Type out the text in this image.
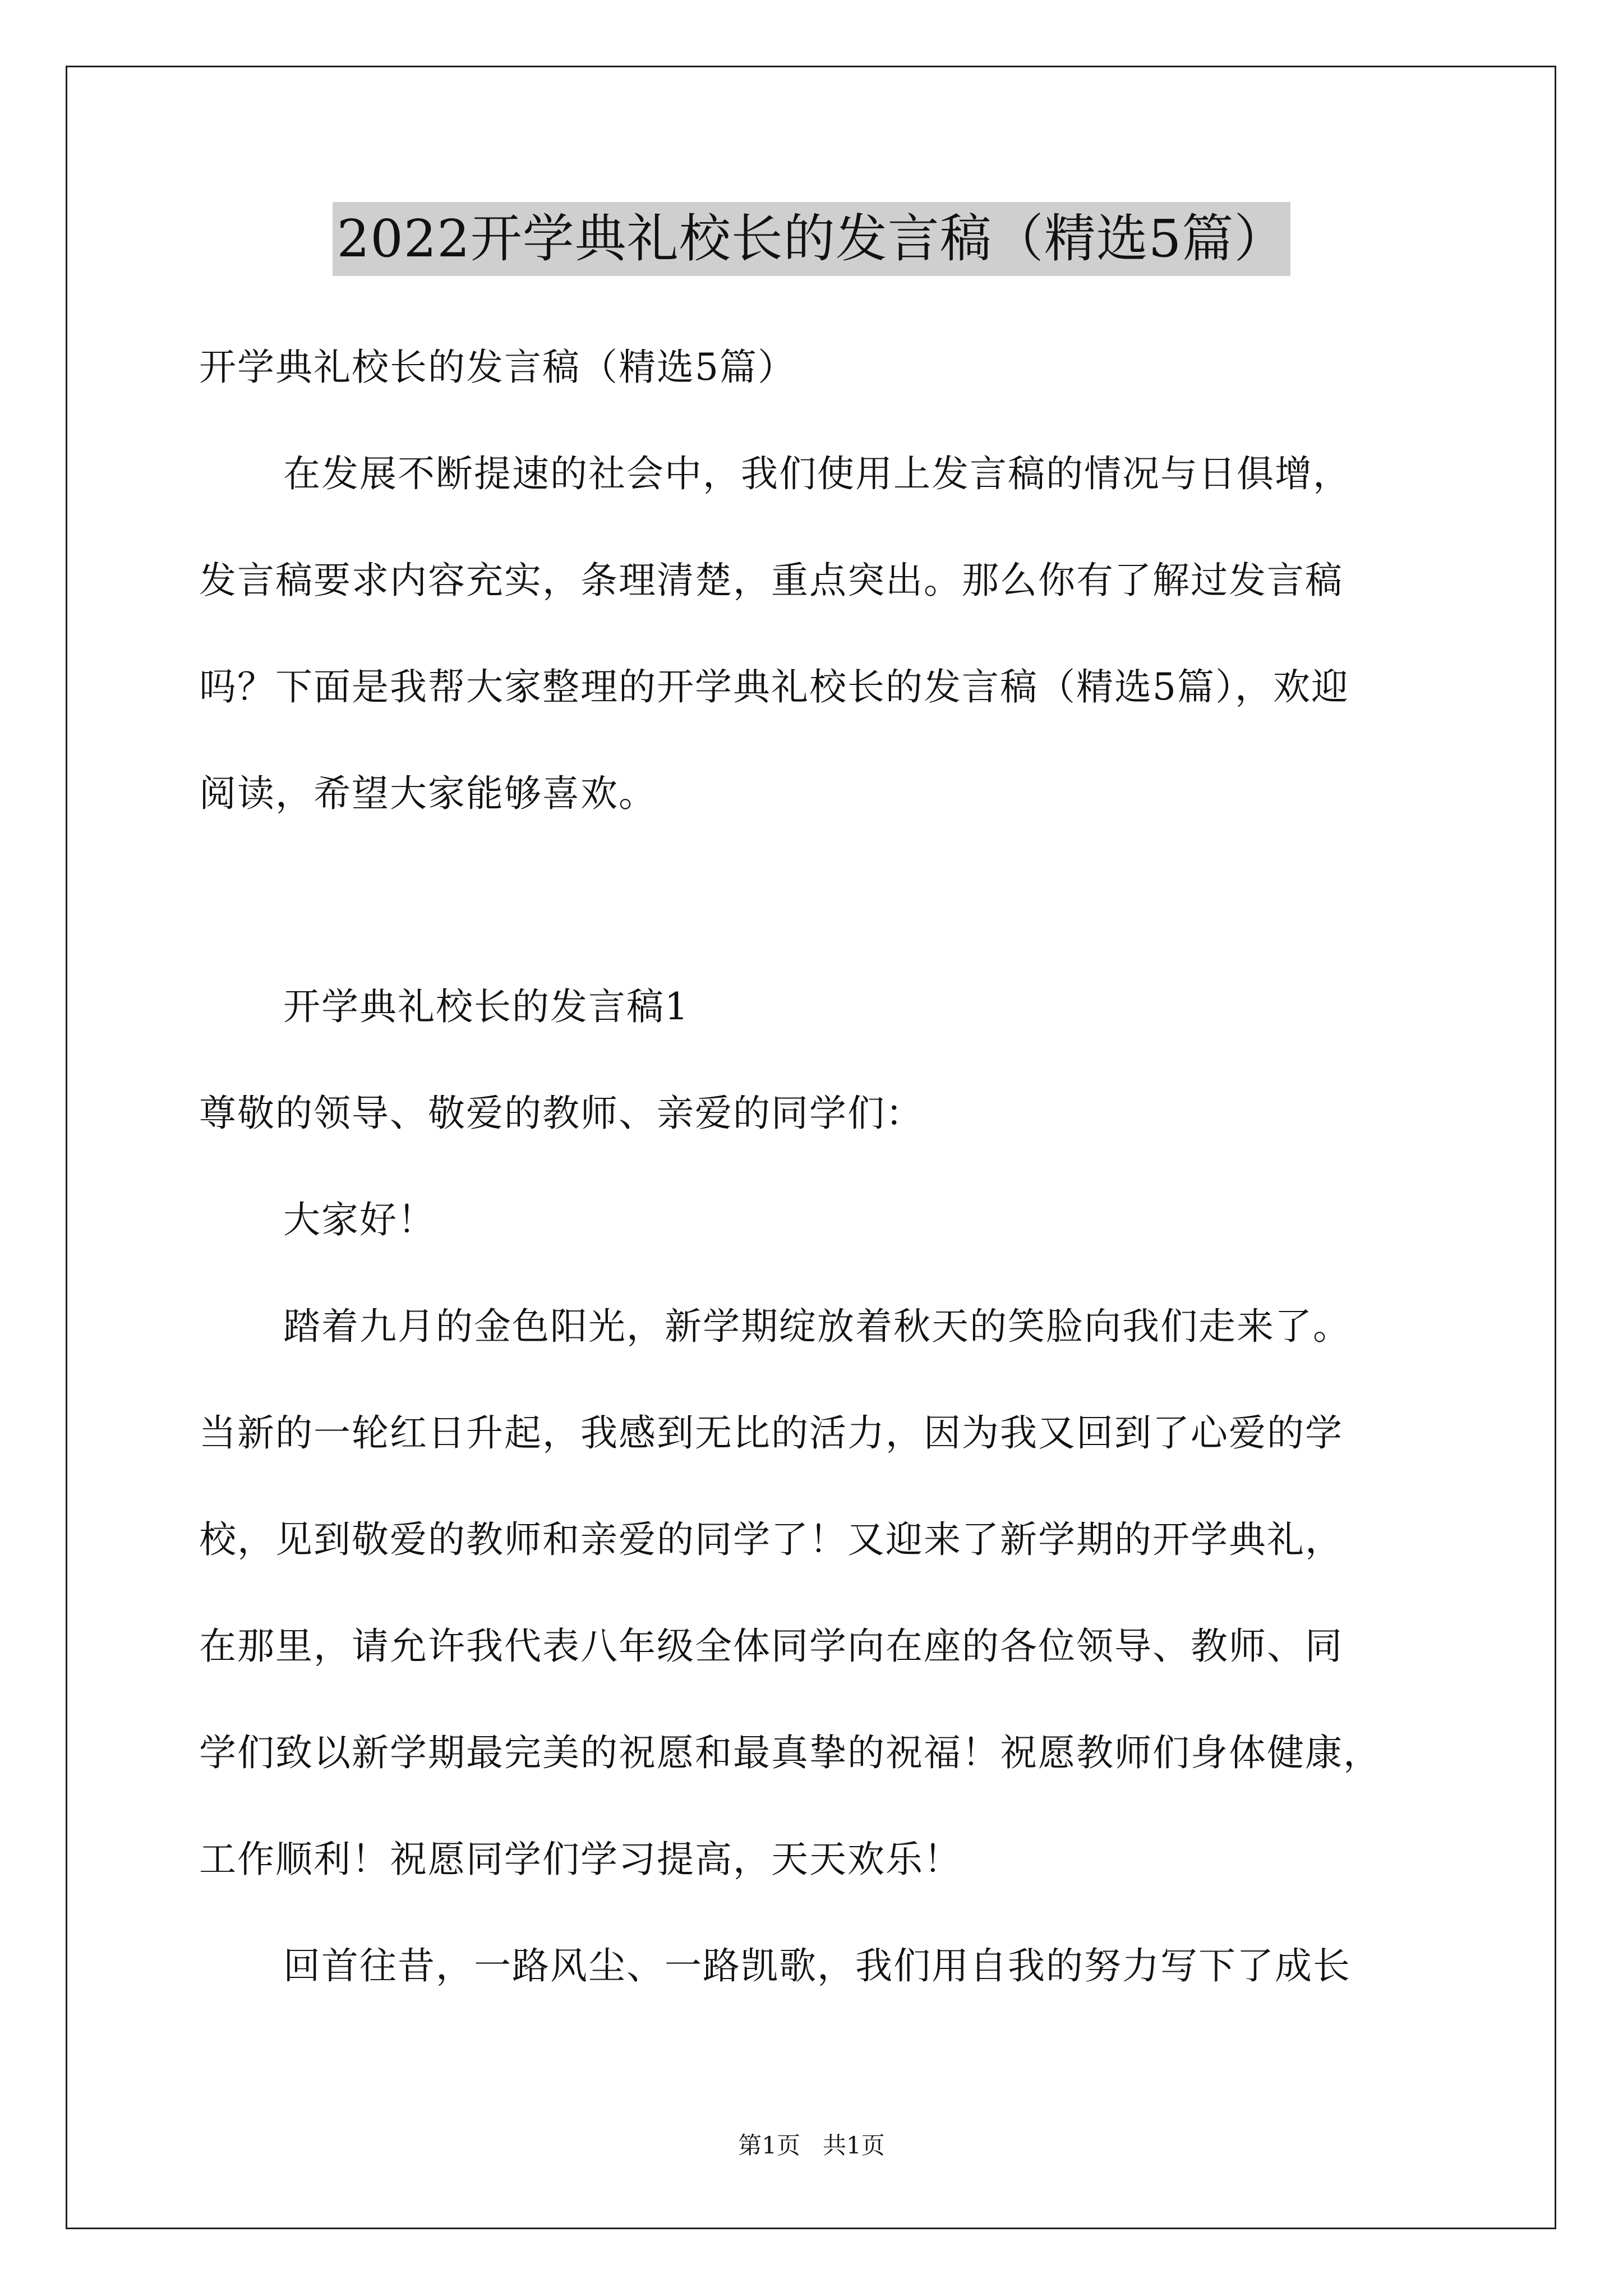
2022开学典礼校长的发言稿（精选5篇）
开学典礼校长的发言稿（精选5篇）
在发展不断提速的社会中，我们使用上发言稿的情况与日俱增，
发言稿要求内容充实，条理清楚，重点突出。那么你有了解过发言稿
吗？下面是我帮大家整理的开学典礼校长的发言稿（精选5篇），欢迎
阅读，希望大家能够喜欢。
开学典礼校长的发言稿1
尊敬的领导、敬爱的教师、亲爱的同学们：
大家好！
踏着九月的金色阳光，新学期绽放着秋天的笑脸向我们走来了。
当新的一轮红日升起，我感到无比的活力，因为我又回到了心爱的学
校，见到敬爱的教师和亲爱的同学了！又迎来了新学期的开学典礼，
在那里，请允许我代表八年级全体同学向在座的各位领导、教师、同
学们致以新学期最完美的祝愿和最真挚的祝福！祝愿教师们身体健康，
工作顺利！祝愿同学们学习提高，天天欢乐！
回首往昔，一路风尘、一路凯歌，我们用自我的努力写下了成长
第1页   共1页
